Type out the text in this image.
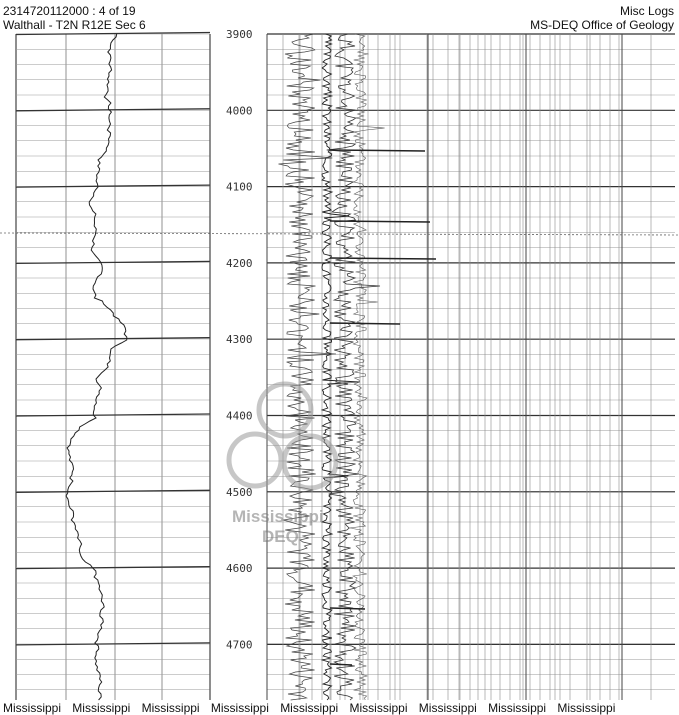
2314720112000 : 4 of 19
Walthall - T2N R12E Sec 6
Misc Logs
MS-DEQ Office of Geology
3900
4000
4100
4200
4300
4400
4500
4600
4700
Mississippi
DEQ
Mississippi Mississippi Mississippi Mississippi Mississippi Mississippi Mississippi Mississippi Mississippi
